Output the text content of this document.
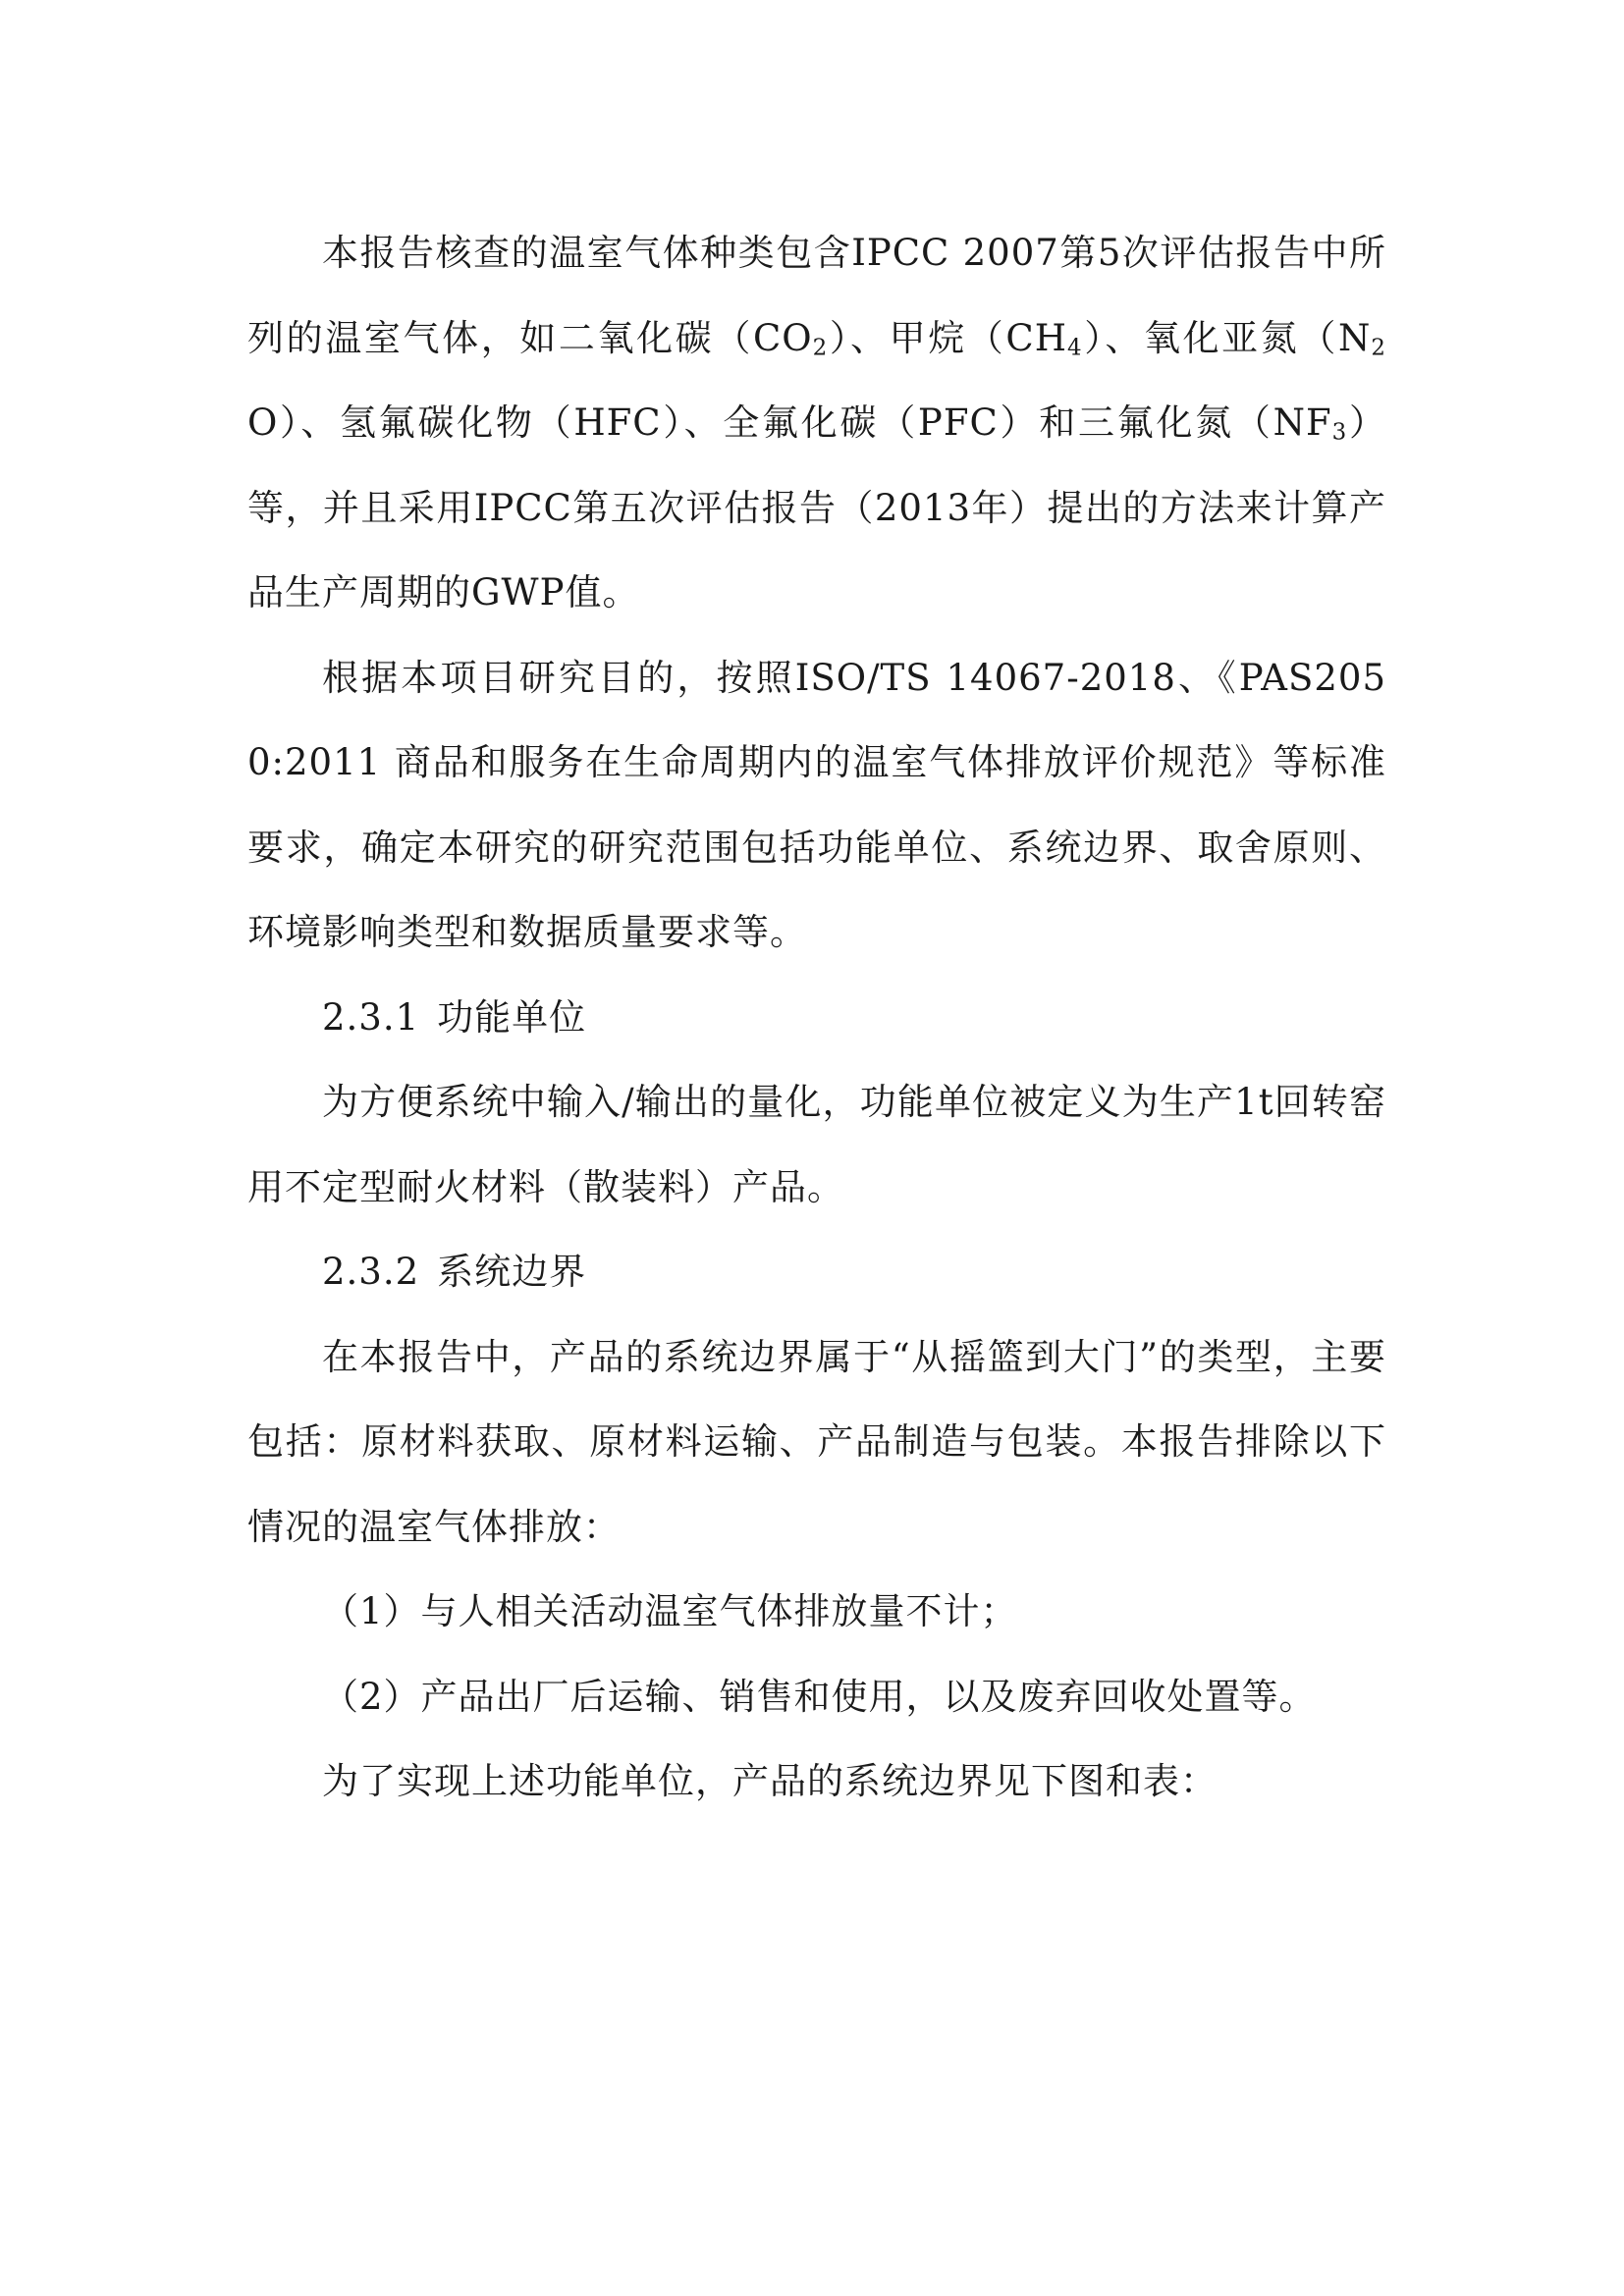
本报告核查的温室气体种类包含IPCC 2007第5次评估报告中所列的温室气体，如二氧化碳$(CO_2)$、甲烷$(CH_4)$、氧化亚氮$(N_2O)$、氢氟碳化物（HFC）、全氟化碳（PFC）和三氟化氮$(NF_3)$等，并且采用IPCC第五次评估报告（2013年）提出的方法来计算产品生产周期的GWP值。

根据本项目研究目的，按照ISO/TS 14067-2018、《PAS2050:2011 商品和服务在生命周期内的温室气体排放评价规范》等标准要求，确定本研究的研究范围包括功能单位、系统边界、取舍原则、环境影响类型和数据质量要求等。

2.3.1 功能单位

为方便系统中输入/输出的量化，功能单位被定义为生产1t回转窑用不定型耐火材料（散装料）产品。

2.3.2 系统边界

在本报告中，产品的系统边界属于“从摇篮到大门”的类型，主要包括：原材料获取、原材料运输、产品制造与包装。本报告排除以下情况的温室气体排放：

（1）与人相关活动温室气体排放量不计；

（2）产品出厂后运输、销售和使用，以及废弃回收处置等。

为了实现上述功能单位，产品的系统边界见下图和表：
